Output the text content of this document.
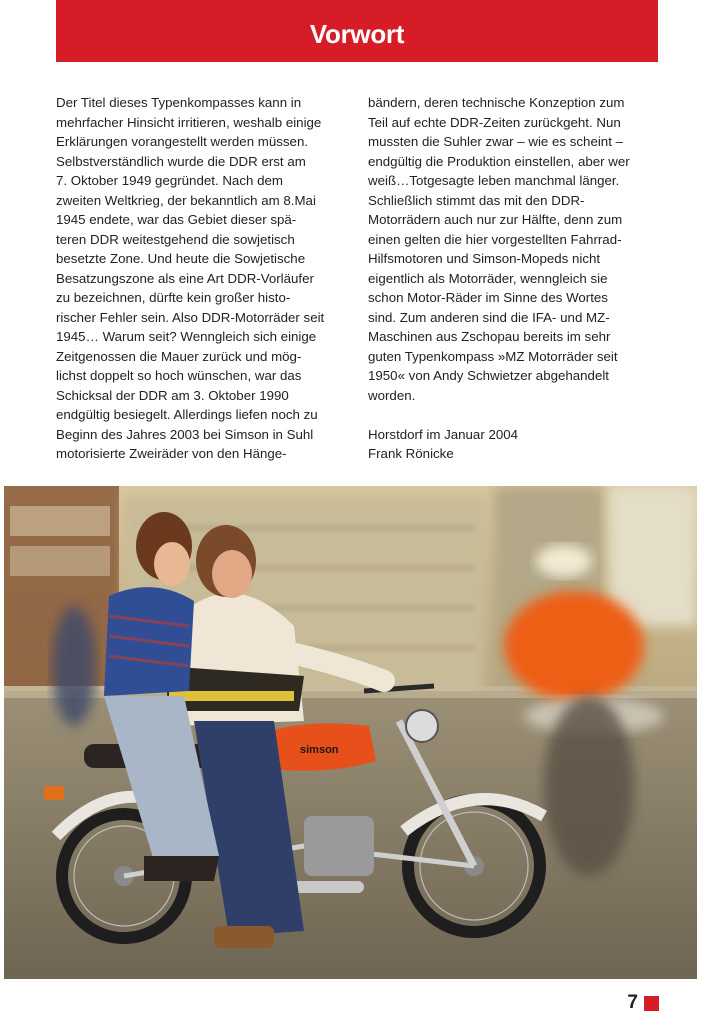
Vorwort

Der Titel dieses Typenkompasses kann in
mehrfacher Hinsicht irritieren, weshalb einige
Erklärungen vorangestellt werden müssen.
Selbstverständlich wurde die DDR erst am
7. Oktober 1949 gegründet. Nach dem
zweiten Weltkrieg, der bekanntlich am 8.Mai
1945 endete, war das Gebiet dieser spä-
teren DDR weitestgehend die sowjetisch
besetzte Zone. Und heute die Sowjetische
Besatzungszone als eine Art DDR-Vorläufer
zu bezeichnen, dürfte kein großer histo-
rischer Fehler sein. Also DDR-Motorräder seit
1945… Warum seit? Wenngleich sich einige
Zeitgenossen die Mauer zurück und mög-
lichst doppelt so hoch wünschen, war das
Schicksal der DDR am 3. Oktober 1990
endgültig besiegelt. Allerdings liefen noch zu
Beginn des Jahres 2003 bei Simson in Suhl
motorisierte Zweiräder von den Hänge-

bändern, deren technische Konzeption zum
Teil auf echte DDR-Zeiten zurückgeht. Nun
mussten die Suhler zwar – wie es scheint –
endgültig die Produktion einstellen, aber wer
weiß…Totgesagte leben manchmal länger.
Schließlich stimmt das mit den DDR-
Motorrädern auch nur zur Hälfte, denn zum
einen gelten die hier vorgestellten Fahrrad-
Hilfsmotoren und Simson-Mopeds nicht
eigentlich als Motorräder, wenngleich sie
schon Motor-Räder im Sinne des Wortes
sind. Zum anderen sind die IFA- und MZ-
Maschinen aus Zschopau bereits im sehr
guten Typenkompass »MZ Motorräder seit
1950« von Andy Schwietzer abgehandelt
worden.

Horstdorf im Januar 2004
Frank Rönicke

simson
7
